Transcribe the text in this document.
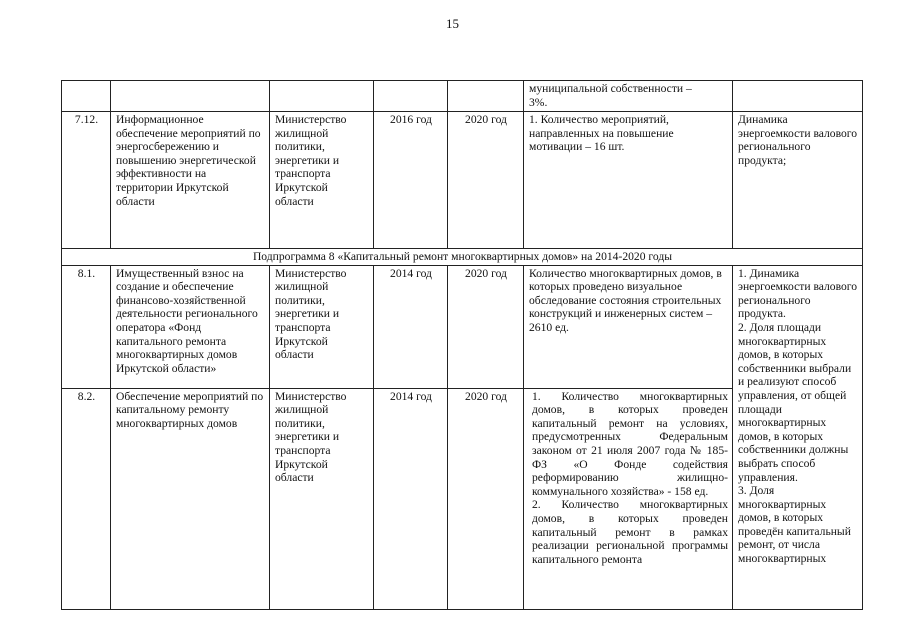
15
					муниципальной собственности –
3%.	
7.12.	Информационное обеспечение мероприятий по энергосбережению и повышению энергетической эффективности на территории Иркутской области	Министерство жилищной политики, энергетики и транспорта Иркутской области	2016 год	2020 год	1. Количество мероприятий, направленных на повышение мотивации – 16 шт.	Динамика энергоемкости валового регионального продукта;
Подпрограмма 8 «Капитальный ремонт многоквартирных домов» на 2014-2020 годы						
8.1.	Имущественный взнос на создание и обеспечение финансово-хозяйственной деятельности регионального оператора «Фонд капитального ремонта многоквартирных домов Иркутской области»	Министерство жилищной политики, энергетики и транспорта Иркутской области	2014 год	2020 год	Количество многоквартирных домов, в которых проведено визуальное обследование состояния строительных конструкций и инженерных систем – 2610 ед.	1. Динамика энергоемкости валового регионального продукта.
2. Доля площади многоквартирных домов, в которых собственники выбрали и реализуют способ управления, от общей площади многоквартирных домов, в которых собственники должны выбрать способ управления.
3. Доля многоквартирных домов, в которых проведён капитальный ремонт, от числа многоквартирных
8.2.	Обеспечение мероприятий по капитальному ремонту многоквартирных домов	Министерство жилищной политики, энергетики и транспорта Иркутской области	2014 год	2020 год	1. Количество многоквартирных домов, в которых проведен капитальный ремонт на условиях, предусмотренных Федеральным законом от 21 июля 2007 года № 185-ФЗ «О Фонде содействия реформированию жилищно-коммунального хозяйства» - 158 ед.
2. Количество многоквартирных домов, в которых проведен капитальный ремонт в рамках реализации региональной программы капитального ремонта	
